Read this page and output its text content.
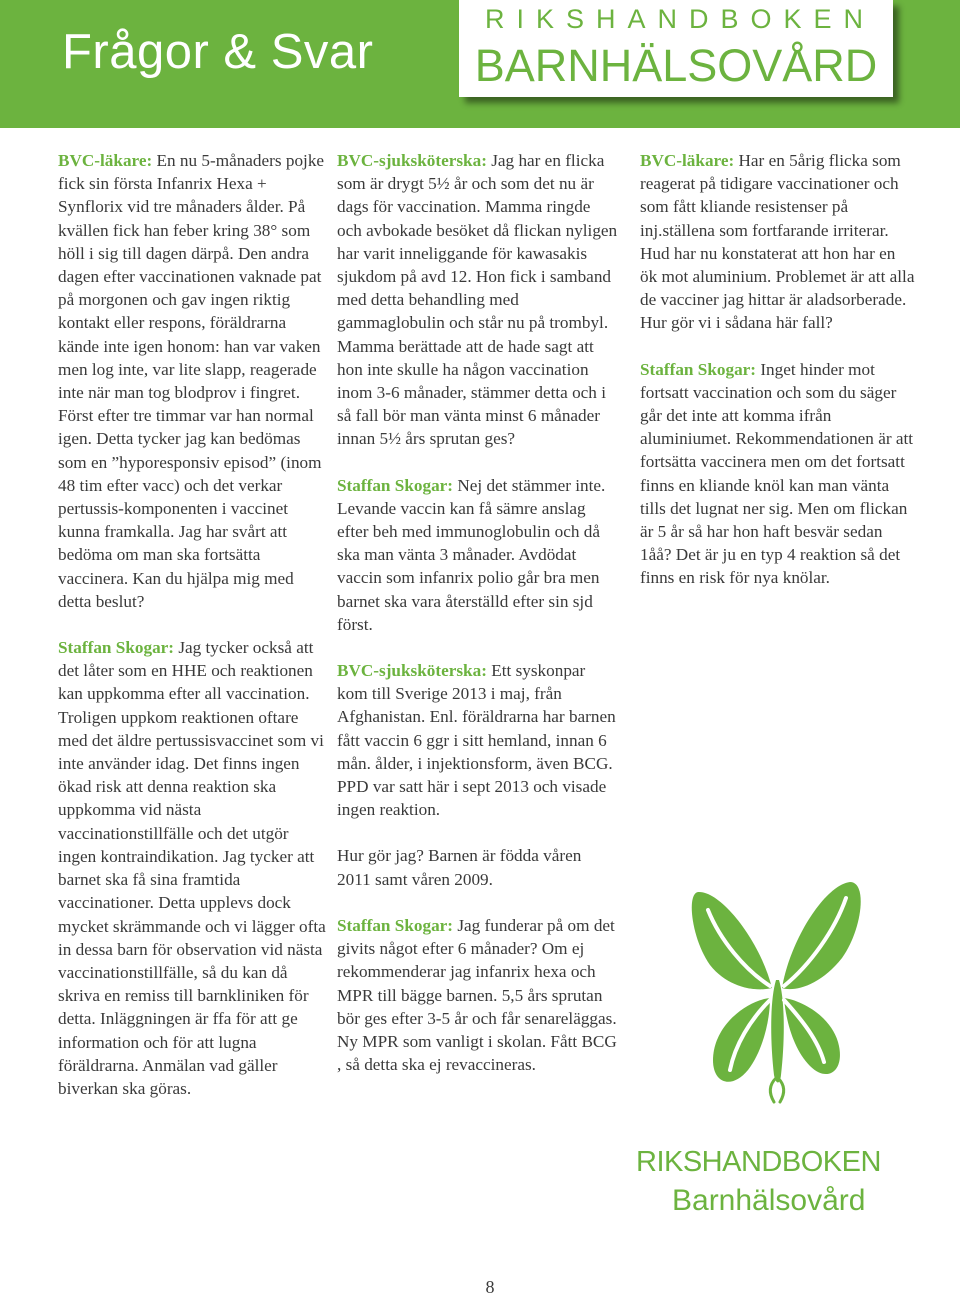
Frågor & Svar
RIKSHANDBOKEN
BARNHÄLSOVÅRD

BVC-läkare: En nu 5-månaders pojke fick sin första Infanrix Hexa + Synflorix vid tre månaders ålder. På kvällen fick han feber kring 38° som höll i sig till dagen därpå. Den andra dagen efter vaccinationen vaknade pat på morgonen och gav ingen riktig kontakt eller respons, föräldrarna kände inte igen honom: han var vaken men log inte, var lite slapp, reagerade inte när man tog blodprov i fingret. Först efter tre timmar var han normal igen. Detta tycker jag kan bedömas som en ”hyporesponsiv episod” (inom 48 tim efter vacc) och det verkar pertussis-komponenten i vaccinet kunna framkalla. Jag har svårt att bedöma om man ska fortsätta vaccinera. Kan du hjälpa mig med detta beslut?

Staffan Skogar: Jag tycker också att det låter som en HHE och reaktionen kan uppkomma efter all vaccination. Troligen uppkom reaktionen oftare med det äldre pertussisvaccinet som vi inte använder idag. Det finns ingen ökad risk att denna reaktion ska uppkomma vid nästa vaccinationstillfälle och det utgör ingen kontraindikation. Jag tycker att barnet ska få sina framtida vaccinationer. Detta upplevs dock mycket skrämmande och vi lägger ofta in dessa barn för observation vid nästa vaccinationstillfälle, så du kan då skriva en remiss till barnkliniken för detta. Inläggningen är ffa för att ge information och för att lugna föräldrarna. Anmälan vad gäller biverkan ska göras.

BVC-sjuksköterska: Jag har en flicka som är drygt 5½ år och som det nu är dags för vaccination. Mamma ringde och avbokade besöket då flickan nyligen har varit inneliggande för kawasakis sjukdom på avd 12. Hon fick i samband med detta behandling med gammaglobulin och står nu på trombyl. Mamma berättade att de hade sagt att hon inte skulle ha någon vaccination inom 3-6 månader, stämmer detta och i så fall bör man vänta minst 6 månader innan 5½ års sprutan ges?

Staffan Skogar: Nej det stämmer inte. Levande vaccin kan få sämre anslag efter beh med immunoglobulin och då ska man vänta 3 månader. Avdödat vaccin som infanrix polio går bra men barnet ska vara återställd efter sin sjd först.

BVC-sjuksköterska: Ett syskonpar kom till Sverige 2013 i maj, från Afghanistan. Enl. föräldrarna har barnen fått vaccin 6 ggr i sitt hemland, innan 6 mån. ålder, i injektionsform, även BCG. PPD var satt här i sept 2013 och visade ingen reaktion.

Hur gör jag? Barnen är födda våren 2011 samt våren 2009.

Staffan Skogar: Jag funderar på om det givits något efter 6 månader? Om ej rekommenderar jag infanrix hexa och MPR till bägge barnen. 5,5 års sprutan bör ges efter 3-5 år och får senareläggas. Ny MPR som vanligt i skolan. Fått BCG , så detta ska ej revaccineras.

BVC-läkare: Har en 5årig flicka som reagerat på tidigare vaccinationer och som fått kliande resistenser på inj.ställena som fortfarande irriterar. Hud har nu konstaterat att hon har en ök mot aluminium. Problemet är att alla de vacciner jag hittar är aladsorberade. Hur gör vi i sådana här fall?

Staffan Skogar: Inget hinder mot fortsatt vaccination och som du säger går det inte att komma ifrån aluminiumet. Rekommendationen är att fortsätta vaccinera men om det fortsatt finns en kliande knöl kan man vänta tills det lugnat ner sig. Men om flickan är 5 år så har hon haft besvär sedan 1åå? Det är ju en typ 4 reaktion så det finns en risk för nya knölar.

RIKSHANDBOKEN
Barnhälsovård
8
